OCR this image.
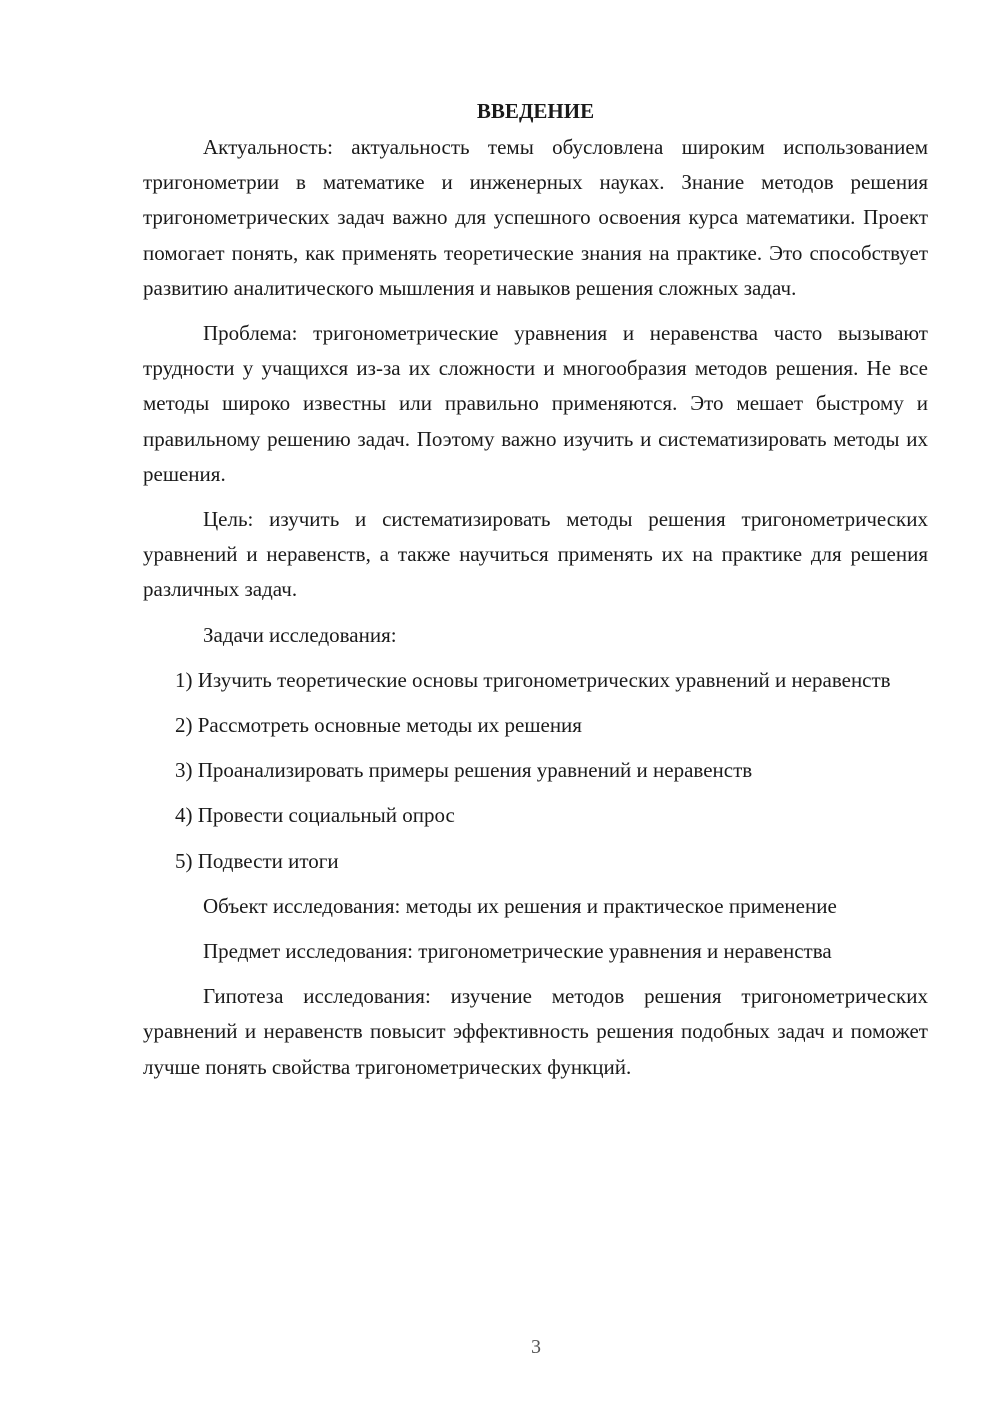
ВВЕДЕНИЕ

Актуальность: актуальность темы обусловлена широким использованием тригонометрии в математике и инженерных науках. Знание методов решения тригонометрических задач важно для успешного освоения курса математики. Проект помогает понять, как применять теоретические знания на практике. Это способствует развитию аналитического мышления и навыков решения сложных задач.

Проблема: тригонометрические уравнения и неравенства часто вызывают трудности у учащихся из-за их сложности и многообразия методов решения. Не все методы широко известны или правильно применяются. Это мешает быстрому и правильному решению задач. Поэтому важно изучить и систематизировать методы их решения.

Цель: изучить и систематизировать методы решения тригонометрических уравнений и неравенств, а также научиться применять их на практике для решения различных задач.

Задачи исследования:

1) Изучить теоретические основы тригонометрических уравнений и неравенств

2) Рассмотреть основные методы их решения

3) Проанализировать примеры решения уравнений и неравенств

4) Провести социальный опрос

5) Подвести итоги

Объект исследования: методы их решения и практическое применение

Предмет исследования: тригонометрические уравнения и неравенства

Гипотеза исследования: изучение методов решения тригонометрических уравнений и неравенств повысит эффективность решения подобных задач и поможет лучше понять свойства тригонометрических функций.

3
